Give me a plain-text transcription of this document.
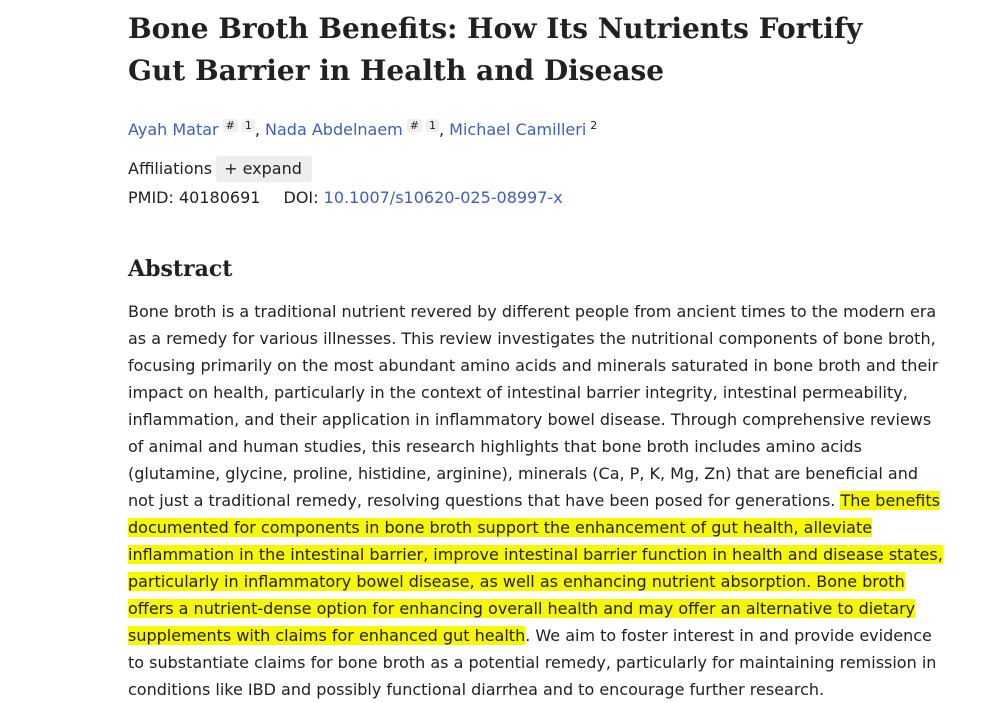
Bone Broth Benefits: How Its Nutrients Fortify Gut Barrier in Health and Disease
Ayah Matar # $^1$ , Nada Abdelnaem # $^1$ , Michael Camilleri $^2$
Affiliations + expand
PMID: 40180691 DOI: 10.1007/s10620-025-08997-x
Abstract

Bone broth is a traditional nutrient revered by different people from ancient times to the modern era as a remedy for various illnesses. This review investigates the nutritional components of bone broth, focusing primarily on the most abundant amino acids and minerals saturated in bone broth and their impact on health, particularly in the context of intestinal barrier integrity, intestinal permeability, inflammation, and their application in inflammatory bowel disease. Through comprehensive reviews of animal and human studies, this research highlights that bone broth includes amino acids (glutamine, glycine, proline, histidine, arginine), minerals (Ca, P, K, Mg, Zn) that are beneficial and not just a traditional remedy, resolving questions that have been posed for generations. The benefits documented for components in bone broth support the enhancement of gut health, alleviate inflammation in the intestinal barrier, improve intestinal barrier function in health and disease states, particularly in inflammatory bowel disease, as well as enhancing nutrient absorption. Bone broth offers a nutrient-dense option for enhancing overall health and may offer an alternative to dietary supplements with claims for enhanced gut health. We aim to foster interest in and provide evidence to substantiate claims for bone broth as a potential remedy, particularly for maintaining remission in conditions like IBD and possibly functional diarrhea and to encourage further research.
